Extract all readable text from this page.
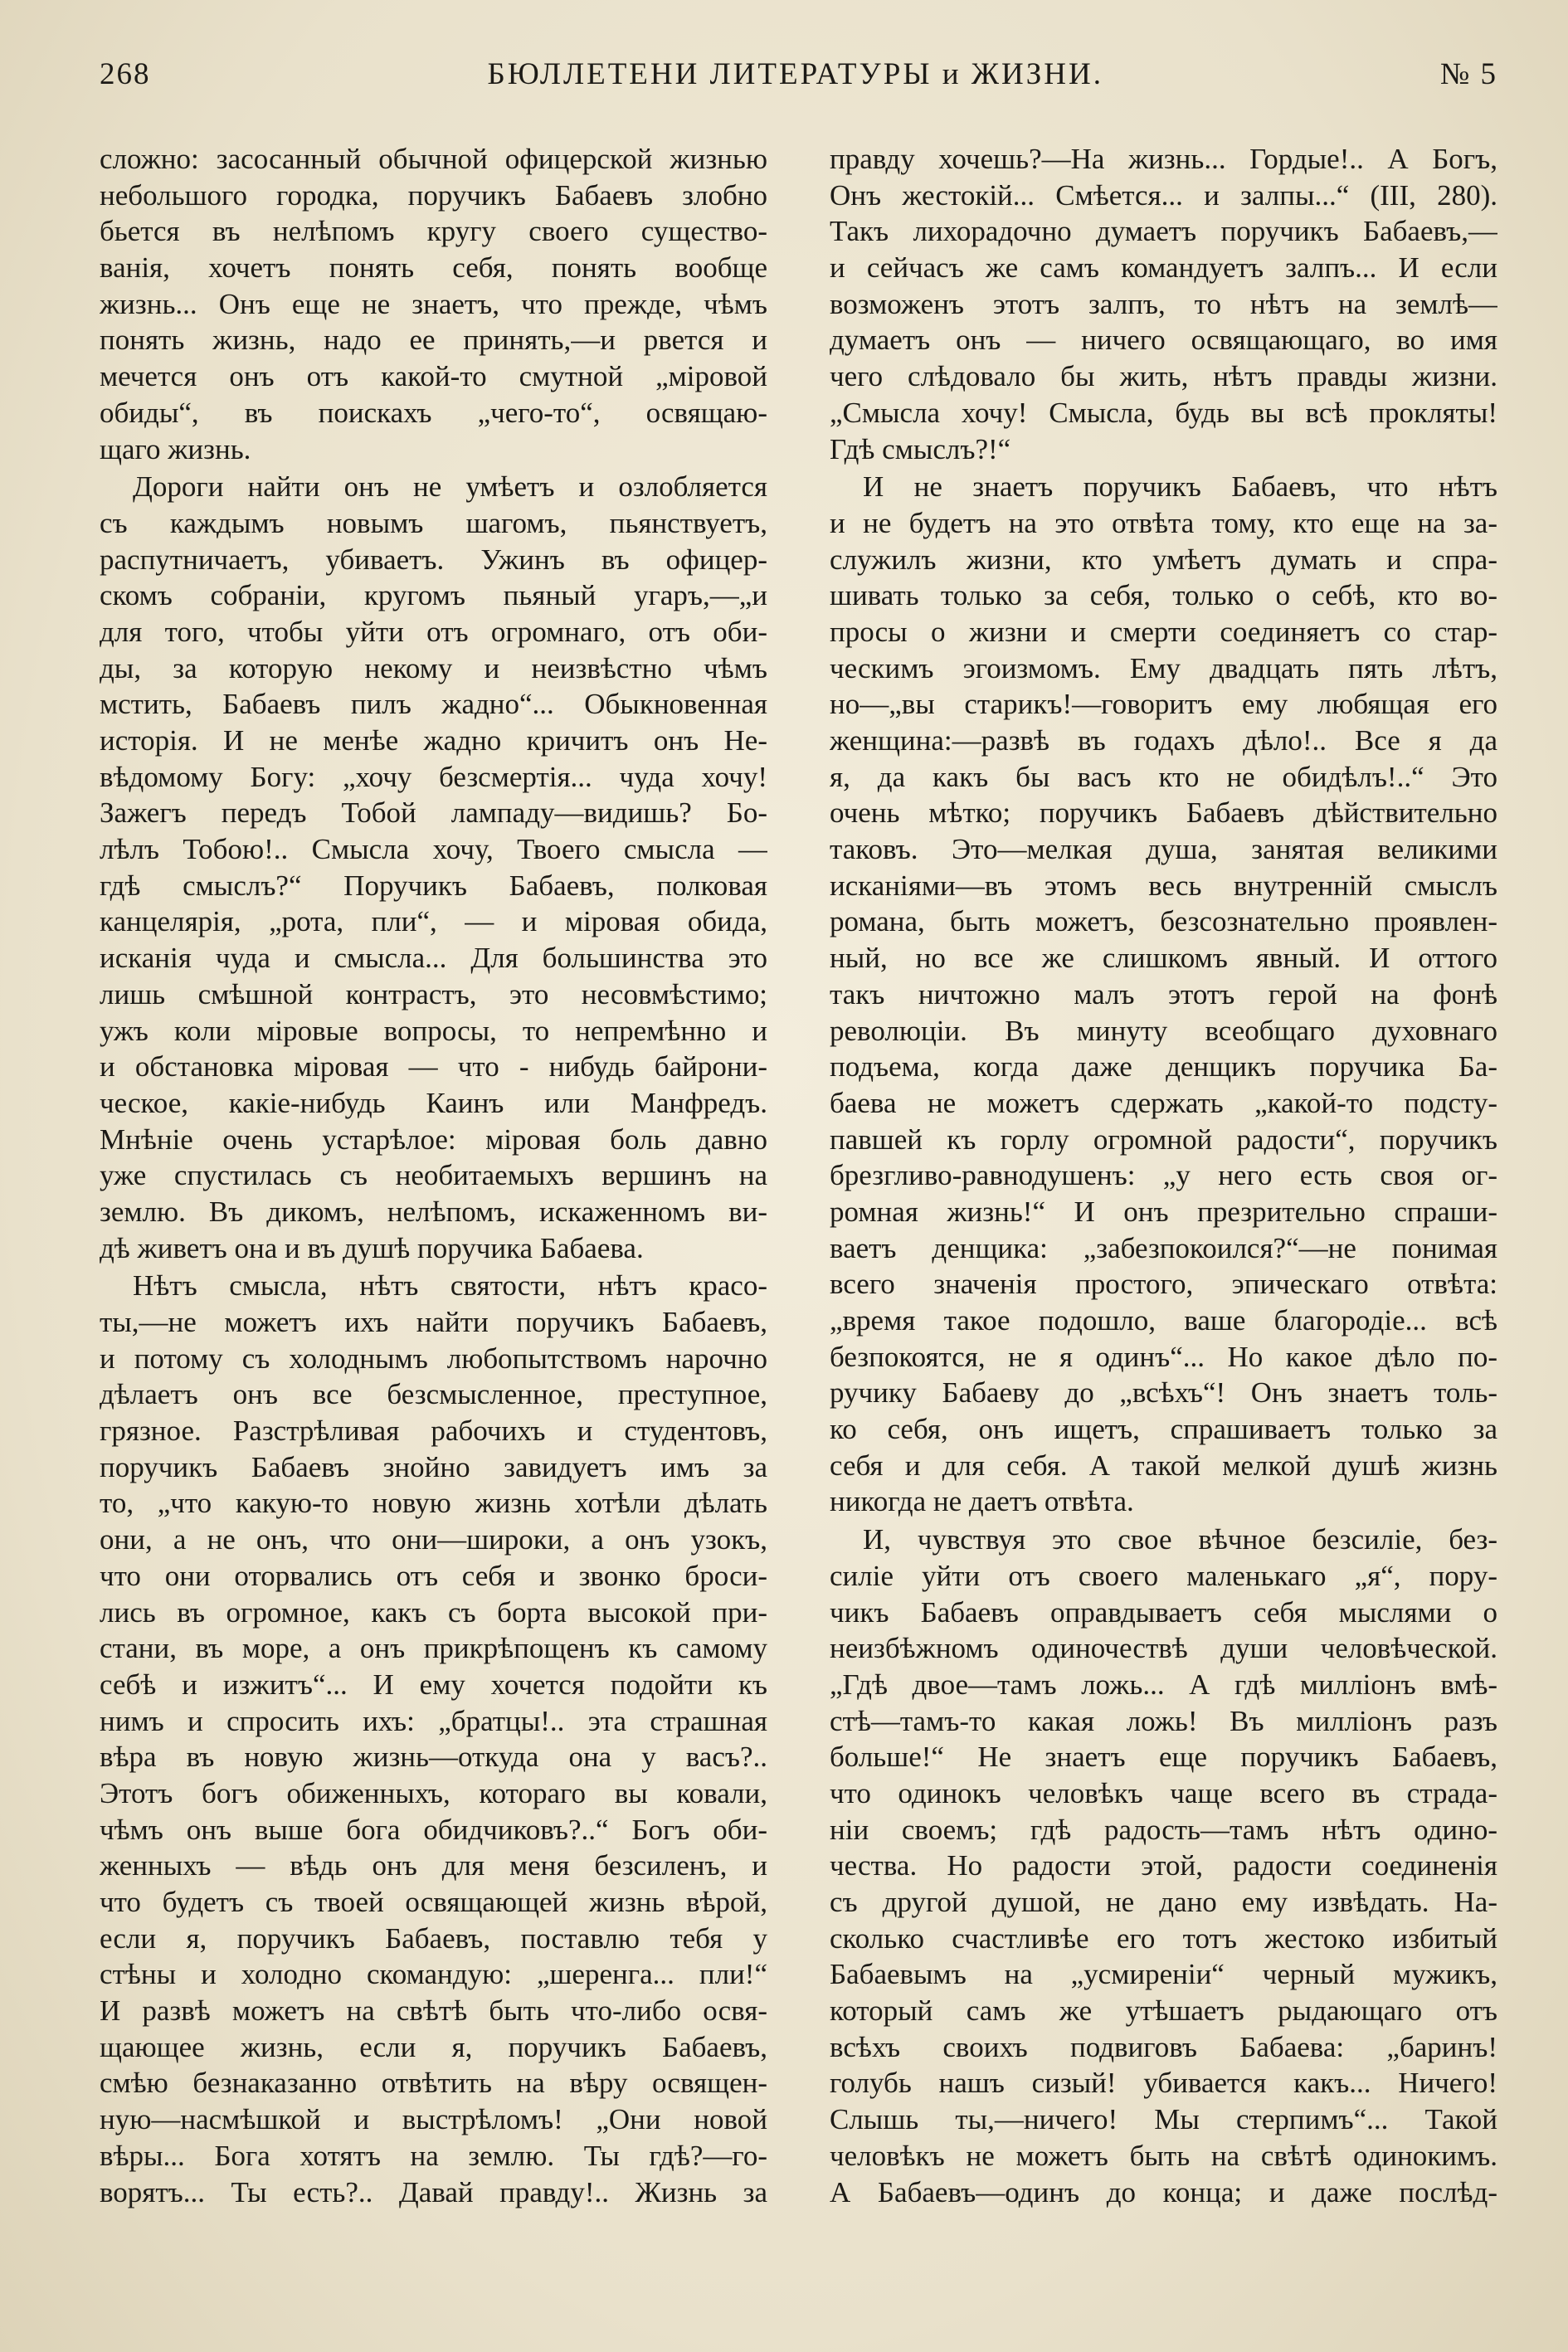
268	БЮЛЛЕТЕНИ ЛИТЕРАТУРЫ и ЖИЗНИ.	№ 5
сложно: засосанный обычной офицерской жизнью
небольшого городка, поручикъ Бабаевъ злобно
бьется въ нелѣпомъ кругу своего существо-
ванія, хочетъ понять себя, понять вообще
жизнь... Онъ еще не знаетъ, что прежде, чѣмъ
понять жизнь, надо ее принять,—и рвется и
мечется онъ отъ какой-то смутной „міровой
обиды“, въ поискахъ „чего-то“, освящаю-
щаго жизнь.
Дороги найти онъ не умѣетъ и озлобляется
съ каждымъ новымъ шагомъ, пьянствуетъ,
распутничаетъ, убиваетъ. Ужинъ въ офицер-
скомъ собраніи, кругомъ пьяный угаръ,—„и
для того, чтобы уйти отъ огромнаго, отъ оби-
ды, за которую некому и неизвѣстно чѣмъ
мстить, Бабаевъ пилъ жадно“... Обыкновенная
исторія. И не менѣе жадно кричитъ онъ Не-
вѣдомому Богу: „хочу безсмертія... чуда хочу!
Зажегъ передъ Тобой лампаду—видишь? Бо-
лѣлъ Тобою!.. Смысла хочу, Твоего смысла —
гдѣ смыслъ?“ Поручикъ Бабаевъ, полковая
канцелярія, „рота, пли“, — и міровая обида,
исканія чуда и смысла... Для большинства это
лишь смѣшной контрастъ, это несовмѣстимо;
ужъ коли міровые вопросы, то непремѣнно и
и обстановка міровая — что - нибудь байрони-
ческое, какіе-нибудь Каинъ или Манфредъ.
Мнѣніе очень устарѣлое: міровая боль давно
уже спустилась съ необитаемыхъ вершинъ на
землю. Въ дикомъ, нелѣпомъ, искаженномъ ви-
дѣ живетъ она и въ душѣ поручика Бабаева.
Нѣтъ смысла, нѣтъ святости, нѣтъ красо-
ты,—не можетъ ихъ найти поручикъ Бабаевъ,
и потому съ холоднымъ любопытствомъ нарочно
дѣлаетъ онъ все безсмысленное, преступное,
грязное. Разстрѣливая рабочихъ и студентовъ,
поручикъ Бабаевъ знойно завидуетъ имъ за
то, „что какую-то новую жизнь хотѣли дѣлать
они, а не онъ, что они—широки, а онъ узокъ,
что они оторвались отъ себя и звонко броси-
лись въ огромное, какъ съ борта высокой при-
стани, въ море, а онъ прикрѣпощенъ къ самому
себѣ и изжитъ“... И ему хочется подойти къ
нимъ и спросить ихъ: „братцы!.. эта страшная
вѣра въ новую жизнь—откуда она у васъ?..
Этотъ богъ обиженныхъ, котораго вы ковали,
чѣмъ онъ выше бога обидчиковъ?..“ Богъ оби-
женныхъ — вѣдь онъ для меня безсиленъ, и
что будетъ съ твоей освящающей жизнь вѣрой,
если я, поручикъ Бабаевъ, поставлю тебя у
стѣны и холодно скомандую: „шеренга... пли!“
И развѣ можетъ на свѣтѣ быть что-либо освя-
щающее жизнь, если я, поручикъ Бабаевъ,
смѣю безнаказанно отвѣтить на вѣру освящен-
ную—насмѣшкой и выстрѣломъ! „Они новой
вѣры... Бога хотятъ на землю. Ты гдѣ?—го-
ворятъ... Ты есть?.. Давай правду!.. Жизнь за
правду хочешь?—На жизнь... Гордые!.. А Богъ,
Онъ жестокій... Смѣется... и залпы...“ (III, 280).
Такъ лихорадочно думаетъ поручикъ Бабаевъ,—
и сейчасъ же самъ командуетъ залпъ... И если
возможенъ этотъ залпъ, то нѣтъ на землѣ—
думаетъ онъ — ничего освящающаго, во имя
чего слѣдовало бы жить, нѣтъ правды жизни.
„Смысла хочу! Смысла, будь вы всѣ прокляты!
Гдѣ смыслъ?!“
И не знаетъ поручикъ Бабаевъ, что нѣтъ
и не будетъ на это отвѣта тому, кто еще на за-
служилъ жизни, кто умѣетъ думать и спра-
шивать только за себя, только о себѣ, кто во-
просы о жизни и смерти соединяетъ со стар-
ческимъ эгоизмомъ. Ему двадцать пять лѣтъ,
но—„вы старикъ!—говоритъ ему любящая его
женщина:—развѣ въ годахъ дѣло!.. Все я да
я, да какъ бы васъ кто не обидѣлъ!..“ Это
очень мѣтко; поручикъ Бабаевъ дѣйствительно
таковъ. Это—мелкая душа, занятая великими
исканіями—въ этомъ весь внутренній смыслъ
романа, быть можетъ, безсознательно проявлен-
ный, но все же слишкомъ явный. И оттого
такъ ничтожно малъ этотъ герой на фонѣ
революціи. Въ минуту всеобщаго духовнаго
подъема, когда даже денщикъ поручика Ба-
баева не можетъ сдержать „какой-то подсту-
павшей къ горлу огромной радости“, поручикъ
брезгливо-равнодушенъ: „у него есть своя ог-
ромная жизнь!“ И онъ презрительно спраши-
ваетъ денщика: „забезпокоился?“—не понимая
всего значенія простого, эпическаго отвѣта:
„время такое подошло, ваше благородіе... всѣ
безпокоятся, не я одинъ“... Но какое дѣло по-
ручику Бабаеву до „всѣхъ“! Онъ знаетъ толь-
ко себя, онъ ищетъ, спрашиваетъ только за
себя и для себя. А такой мелкой душѣ жизнь
никогда не даетъ отвѣта.
И, чувствуя это свое вѣчное безсиліе, без-
силіе уйти отъ своего маленькаго „я“, пору-
чикъ Бабаевъ оправдываетъ себя мыслями о
неизбѣжномъ одиночествѣ души человѣческой.
„Гдѣ двое—тамъ ложь... А гдѣ милліонъ вмѣ-
стѣ—тамъ-то какая ложь! Въ милліонъ разъ
больше!“ Не знаетъ еще поручикъ Бабаевъ,
что одинокъ человѣкъ чаще всего въ страда-
ніи своемъ; гдѣ радость—тамъ нѣтъ одино-
чества. Но радости этой, радости соединенія
съ другой душой, не дано ему извѣдать. На-
сколько счастливѣе его тотъ жестоко избитый
Бабаевымъ на „усмиреніи“ черный мужикъ,
который самъ же утѣшаетъ рыдающаго отъ
всѣхъ своихъ подвиговъ Бабаева: „баринъ!
голубь нашъ сизый! убивается какъ... Ничего!
Слышь ты,—ничего! Мы стерпимъ“... Такой
человѣкъ не можетъ быть на свѣтѣ одинокимъ.
А Бабаевъ—одинъ до конца; и даже послѣд-
